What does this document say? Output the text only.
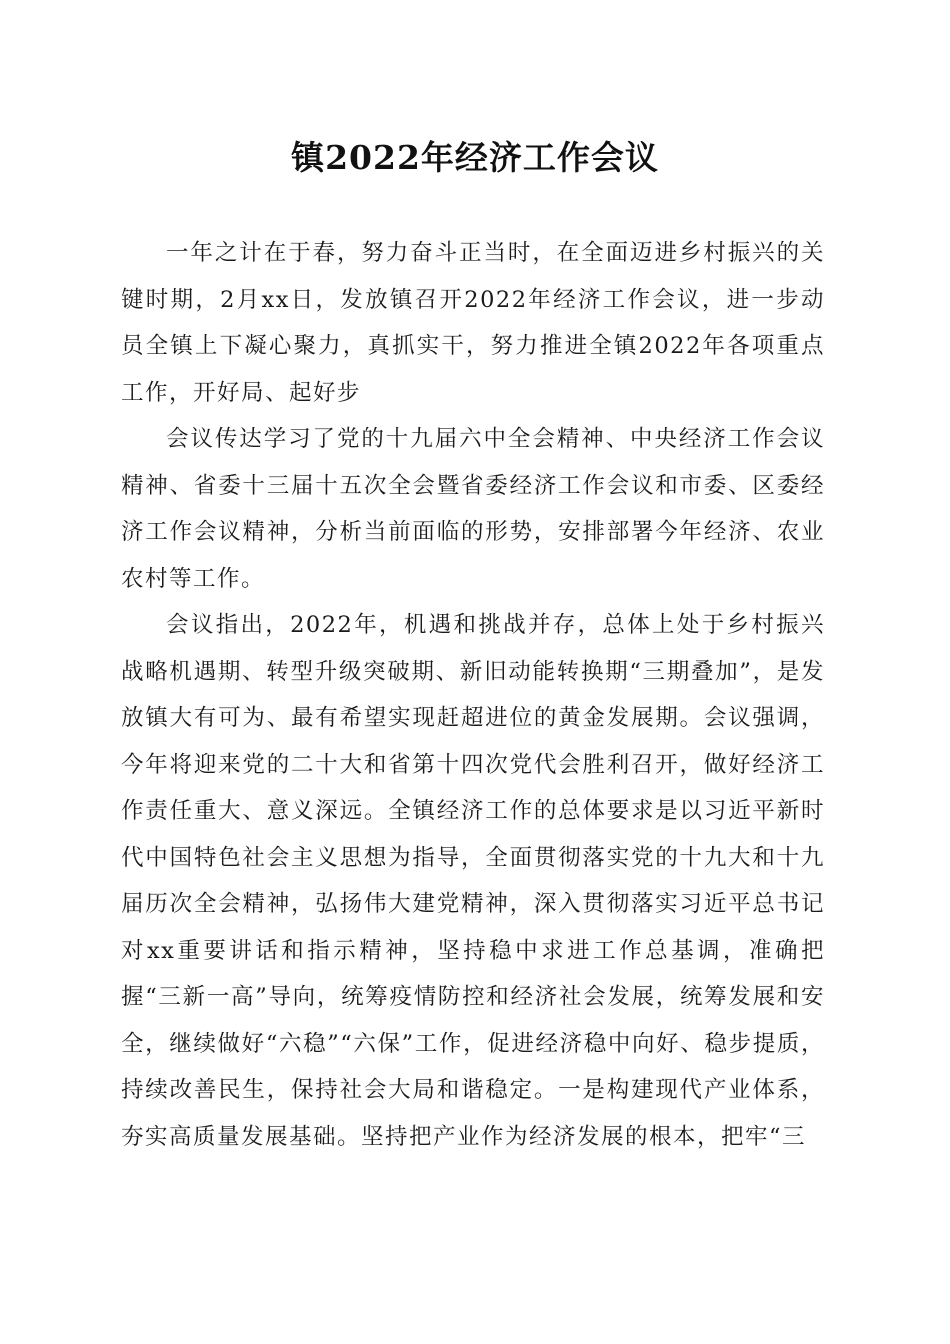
镇2022年经济工作会议

一年之计在于春，努力奋斗正当时，在全面迈进乡村振兴的关键时期，2月xx日，发放镇召开2022年经济工作会议，进一步动员全镇上下凝心聚力，真抓实干，努力推进全镇2022年各项重点工作，开好局、起好步

会议传达学习了党的十九届六中全会精神、中央经济工作会议精神、省委十三届十五次全会暨省委经济工作会议和市委、区委经济工作会议精神，分析当前面临的形势，安排部署今年经济、农业农村等工作。

会议指出，2022年，机遇和挑战并存，总体上处于乡村振兴战略机遇期、转型升级突破期、新旧动能转换期“三期叠加”，是发放镇大有可为、最有希望实现赶超进位的黄金发展期。会议强调，今年将迎来党的二十大和省第十四次党代会胜利召开，做好经济工作责任重大、意义深远。全镇经济工作的总体要求是以习近平新时代中国特色社会主义思想为指导，全面贯彻落实党的十九大和十九届历次全会精神，弘扬伟大建党精神，深入贯彻落实习近平总书记对xx重要讲话和指示精神，坚持稳中求进工作总基调，准确把握“三新一高”导向，统筹疫情防控和经济社会发展，统筹发展和安全，继续做好“六稳”“六保”工作，促进经济稳中向好、稳步提质，持续改善民生，保持社会大局和谐稳定。一是构建现代产业体系，夯实高质量发展基础。坚持把产业作为经济发展的根本，把牢“三
